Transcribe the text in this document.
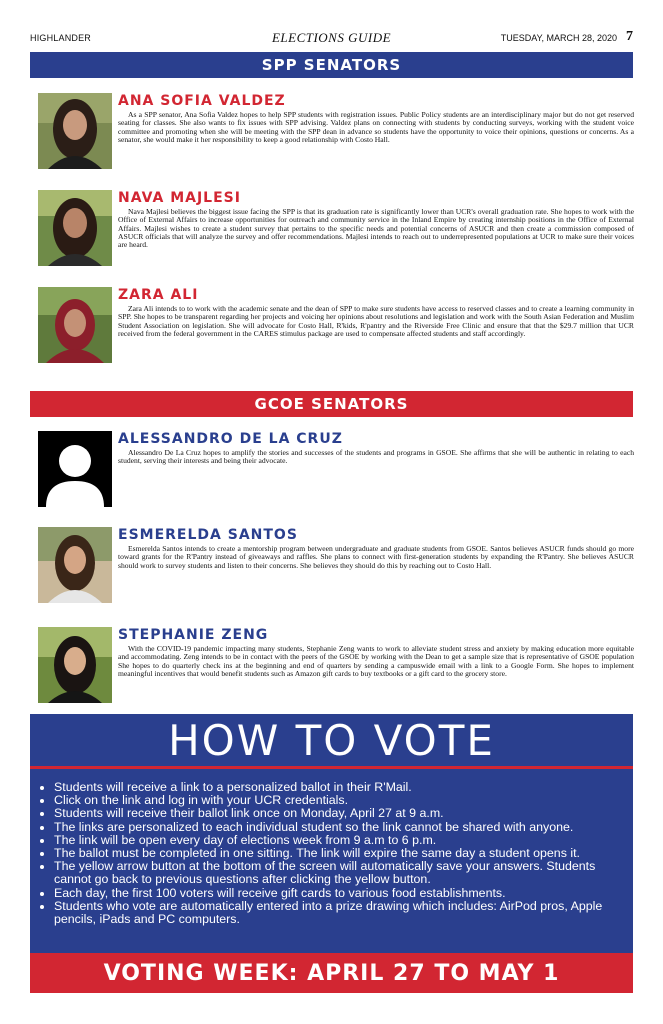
HIGHLANDER	ELECTIONS GUIDE	TUESDAY, MARCH 28, 2020 7
SPP SENATORS
ANA SOFIA VALDEZ

As a SPP senator, Ana Sofia Valdez hopes to help SPP students with registration issues. Public Policy students are an interdisciplinary major but do not get reserved seating for classes. She also wants to fix issues with SPP advising. Valdez plans on connecting with students by conducting surveys, working with the student voice committee and promoting when she will be meeting with the SPP dean in advance so students have the opportunity to voice their opinions, questions or concerns. As a senator, she would make it her responsibility to keep a good relationship with Costo Hall.

NAVA MAJLESI

Nava Majlesi believes the biggest issue facing the SPP is that its graduation rate is significantly lower than UCR's overall graduation rate. She hopes to work with the Office of External Affairs to increase opportunities for outreach and community service in the Inland Empire by creating internship positions in the Office of External Affairs. Majlesi wishes to create a student survey that pertains to the specific needs and potential concerns of ASUCR and then create a commission composed of ASUCR officials that will analyze the survey and offer recommendations. Majlesi intends to reach out to underrepresented populations at UCR to make sure their voices are heard.

ZARA ALI

Zara Ali intends to to work with the academic senate and the dean of SPP to make sure students have access to reserved classes and to create a learning community in SPP. She hopes to be transparent regarding her projects and voicing her opinions about resolutions and legislation and work with the South Asian Federation and Muslim Student Association on legislation. She will advocate for Costo Hall, R'kids, R'pantry and the Riverside Free Clinic and ensure that that the $29.7 million that UCR received from the federal government in the CARES stimulus package are used to compensate affected students and staff accordingly.

GCOE SENATORS
ALESSANDRO DE LA CRUZ

Alessandro De La Cruz hopes to amplify the stories and successes of the students and programs in GSOE. She affirms that she will be authentic in relating to each student, serving their interests and being their advocate.

ESMERELDA SANTOS

Esmerelda Santos intends to create a mentorship program between undergraduate and graduate students from GSOE. Santos believes ASUCR funds should go more toward grants for the R'Pantry instead of giveaways and raffles. She plans to connect with first-generation students by expanding the R'Pantry. She believes ASUCR should work to survey students and listen to their concerns. She believes they should do this by reaching out to Costo Hall.

STEPHANIE ZENG

With the COVID-19 pandemic impacting many students, Stephanie Zeng wants to work to alleviate student stress and anxiety by making education more equitable and accommodating. Zeng intends to be in contact with the peers of the GSOE by working with the Dean to get a sample size that is representative of GSOE population She hopes to do quarterly check ins at the beginning and end of quarters by sending a campuswide email with a link to a Google Form. She hopes to implement meaningful incentives that would benefit students such as Amazon gift cards to buy textbooks or a gift card to the grocery store.

HOW TO VOTE
• Students will receive a link to a personalized ballot in their R'Mail.
• Click on the link and log in with your UCR credentials.
• Students will receive their ballot link once on Monday, April 27 at 9 a.m.
• The links are personalized to each individual student so the link cannot be shared with anyone.
• The link will be open every day of elections week from 9 a.m to 6 p.m.
• The ballot must be completed in one sitting. The link will expire the same day a student opens it.
• The yellow arrow button at the bottom of the screen will automatically save your answers. Students cannot go back to previous questions after clicking the yellow button.
• Each day, the first 100 voters will receive gift cards to various food establishments.
• Students who vote are automatically entered into a prize drawing which includes: AirPod pros, Apple pencils, iPads and PC computers.
VOTING WEEK: APRIL 27 TO MAY 1
